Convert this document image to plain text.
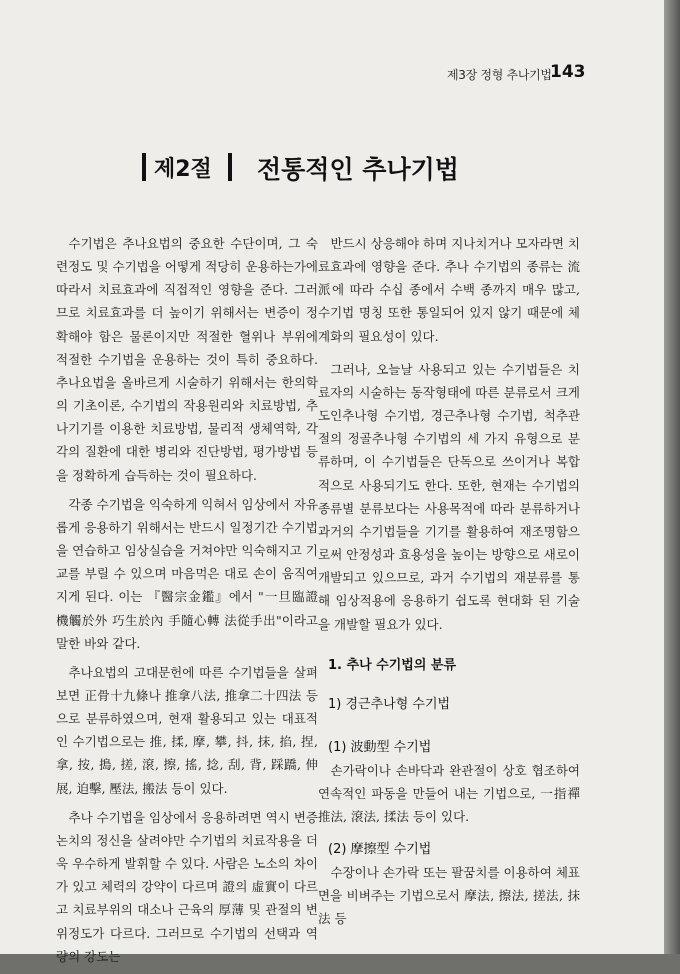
제3장 정형 추나기법
143
제2절 전통적인 추나기법

수기법은 추나요법의 중요한 수단이며, 그 숙련정도 및 수기법을 어떻게 적당히 운용하는가에 따라서 치료효과에 직접적인 영향을 준다. 그러므로 치료효과를 더 높이기 위해서는 변증이 정확해야 함은 물론이지만 적절한 혈위나 부위에 적절한 수기법을 운용하는 것이 특히 중요하다. 추나요법을 올바르게 시술하기 위해서는 한의학의 기초이론, 수기법의 작용원리와 치료방법, 추나기기를 이용한 치료방법, 물리적 생체역학, 각각의 질환에 대한 병리와 진단방법, 평가방법 등을 정확하게 습득하는 것이 필요하다.

각종 수기법을 익숙하게 익혀서 임상에서 자유롭게 응용하기 위해서는 반드시 일정기간 수기법을 연습하고 임상실습을 거쳐야만 익숙해지고 기교를 부릴 수 있으며 마음먹은 대로 손이 움직여지게 된다. 이는 『醫宗金鑑』에서 "一旦臨證 機觸於外 巧生於內 手隨心轉 法從手出"이라고 말한 바와 같다.

추나요법의 고대문헌에 따른 수기법들을 살펴보면 正骨十九條나 推拿八法, 推拿二十四法 등으로 분류하였으며, 현재 활용되고 있는 대표적인 수기법으로는 推, 揉, 摩, 攀, 抖, 抹, 掐, 捏, 拿, 按, 搗, 搓, 滾, 擦, 搖, 捻, 刮, 背, 踩蹻, 伸展, 迫擊, 壓法, 搬法 등이 있다.

추나 수기법을 임상에서 응용하려면 역시 변증논치의 정신을 살려야만 수기법의 치료작용을 더욱 우수하게 발휘할 수 있다. 사람은 노소의 차이가 있고 체력의 강약이 다르며 證의 虛實이 다르고 치료부위의 대소나 근육의 厚薄 및 관절의 변위정도가 다르다. 그러므로 수기법의 선택과 역량의 강도는

반드시 상응해야 하며 지나치거나 모자라면 치료효과에 영향을 준다. 추나 수기법의 종류는 流派에 따라 수십 종에서 수백 종까지 매우 많고, 수기법 명칭 또한 통일되어 있지 않기 때문에 체계화의 필요성이 있다.

그러나, 오늘날 사용되고 있는 수기법들은 치료자의 시술하는 동작형태에 따른 분류로서 크게 도인추나형 수기법, 경근추나형 수기법, 척추관절의 정골추나형 수기법의 세 가지 유형으로 분류하며, 이 수기법들은 단독으로 쓰이거나 복합적으로 사용되기도 한다. 또한, 현재는 수기법의 종류별 분류보다는 사용목적에 따라 분류하거나 과거의 수기법들을 기기를 활용하여 재조명함으로써 안정성과 효용성을 높이는 방향으로 새로이 개발되고 있으므로, 과거 수기법의 재분류를 통해 임상적용에 응용하기 쉽도록 현대화 된 기술을 개발할 필요가 있다.

1. 추나 수기법의 분류
1) 경근추나형 수기법
(1) 波動型 수기법

손가락이나 손바닥과 완관절이 상호 협조하여 연속적인 파동을 만들어 내는 기법으로, 一指禪推法, 滾法, 揉法 등이 있다.

(2) 摩擦型 수기법

수장이나 손가락 또는 팔꿈치를 이용하여 체표면을 비벼주는 기법으로서 摩法, 擦法, 搓法, 抹法 등
